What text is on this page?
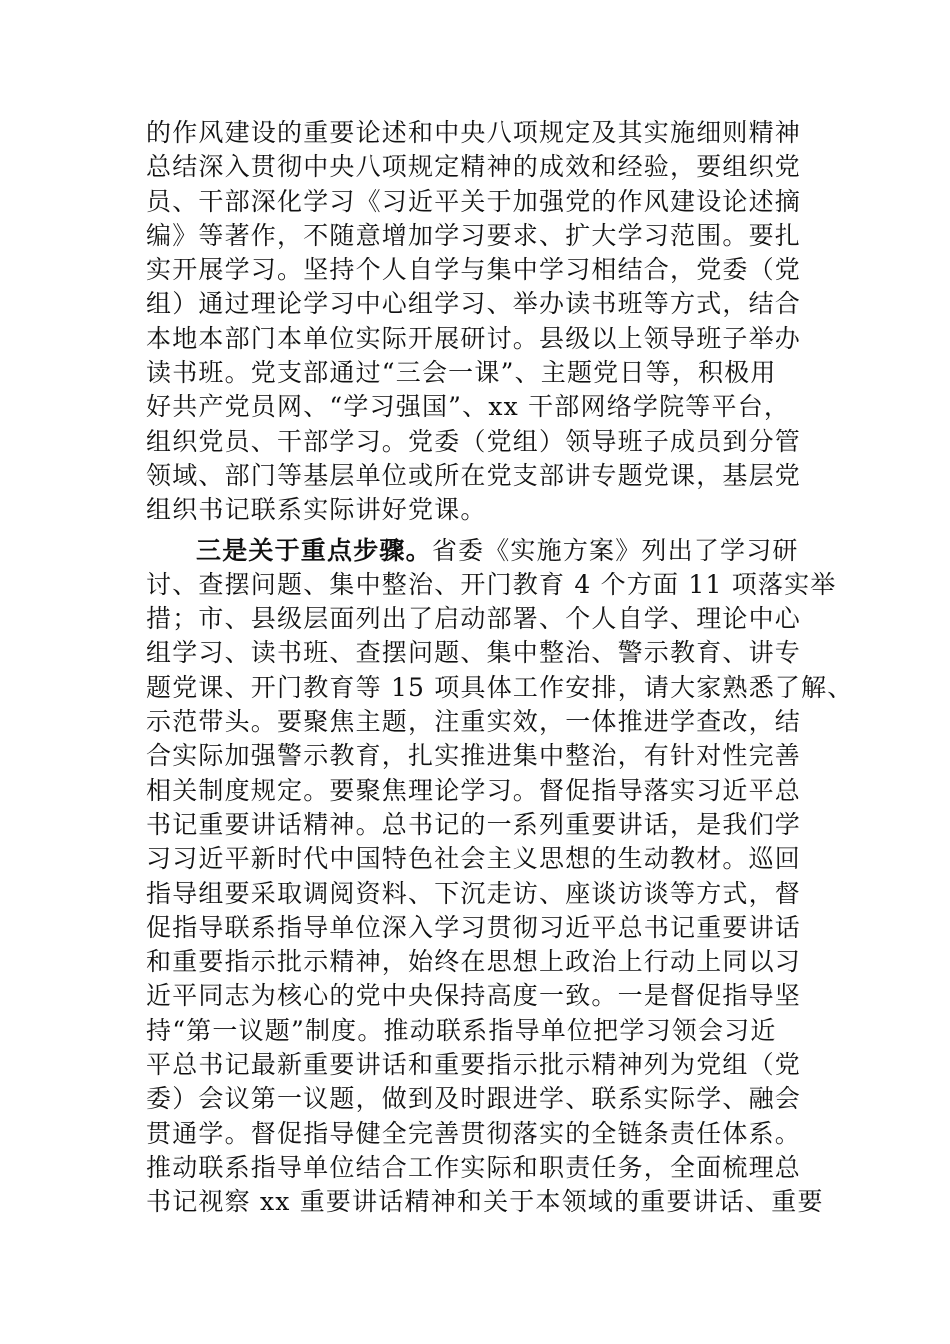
的作风建设的重要论述和中央八项规定及其实施细则精神
总结深入贯彻中央八项规定精神的成效和经验，要组织党
员、干部深化学习《习近平关于加强党的作风建设论述摘
编》等著作，不随意增加学习要求、扩大学习范围。要扎
实开展学习。坚持个人自学与集中学习相结合，党委（党
组）通过理论学习中心组学习、举办读书班等方式，结合
本地本部门本单位实际开展研讨。县级以上领导班子举办
读书班。党支部通过“三会一课”、主题党日等，积极用
好共产党员网、“学习强国”、xx 干部网络学院等平台，
组织党员、干部学习。党委（党组）领导班子成员到分管
领域、部门等基层单位或所在党支部讲专题党课，基层党
组织书记联系实际讲好党课。
三是关于重点步骤。省委《实施方案》列出了学习研
讨、查摆问题、集中整治、开门教育 4 个方面 11 项落实举
措；市、县级层面列出了启动部署、个人自学、理论中心
组学习、读书班、查摆问题、集中整治、警示教育、讲专
题党课、开门教育等 15 项具体工作安排，请大家熟悉了解、
示范带头。要聚焦主题，注重实效，一体推进学查改，结
合实际加强警示教育，扎实推进集中整治，有针对性完善
相关制度规定。要聚焦理论学习。督促指导落实习近平总
书记重要讲话精神。总书记的一系列重要讲话，是我们学
习习近平新时代中国特色社会主义思想的生动教材。巡回
指导组要采取调阅资料、下沉走访、座谈访谈等方式，督
促指导联系指导单位深入学习贯彻习近平总书记重要讲话
和重要指示批示精神，始终在思想上政治上行动上同以习
近平同志为核心的党中央保持高度一致。一是督促指导坚
持“第一议题”制度。推动联系指导单位把学习领会习近
平总书记最新重要讲话和重要指示批示精神列为党组（党
委）会议第一议题，做到及时跟进学、联系实际学、融会
贯通学。督促指导健全完善贯彻落实的全链条责任体系。
推动联系指导单位结合工作实际和职责任务，全面梳理总
书记视察 xx 重要讲话精神和关于本领域的重要讲话、重要
